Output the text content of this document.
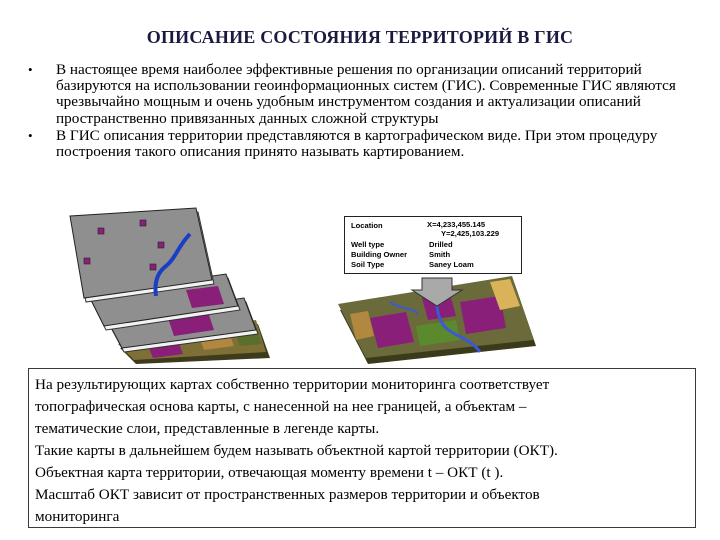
ОПИСАНИЕ СОСТОЯНИЯ ТЕРРИТОРИЙ В ГИС
• В настоящее время наиболее эффективные решения по организации описаний территорий базируются на использовании геоинформационных систем (ГИС). Современные ГИС являются чрезвычайно мощным и очень удобным инструментом создания и актуализации описаний пространственно привязанных данных сложной структуры
• В ГИС описания территории представляются в картографическом виде. При этом процедуру построения такого описания принято называть картированием.
Location	X=4,233,455.145
Y=2,425,103.229
Well type	Drilled
Building Owner	Smith
Soil Type	Saney Loam

На результирующих картах собственно территории мониторинга соответствует

топографическая основа карты, с нанесенной на нее границей, а объектам –

тематические слои, представленные в легенде карты.

Такие карты в дальнейшем будем называть объектной картой территории (ОКТ).

Объектная карта территории, отвечающая моменту времени t – ОКТ (t ).

Масштаб ОКТ зависит от пространственных размеров территории и объектов

мониторинга
